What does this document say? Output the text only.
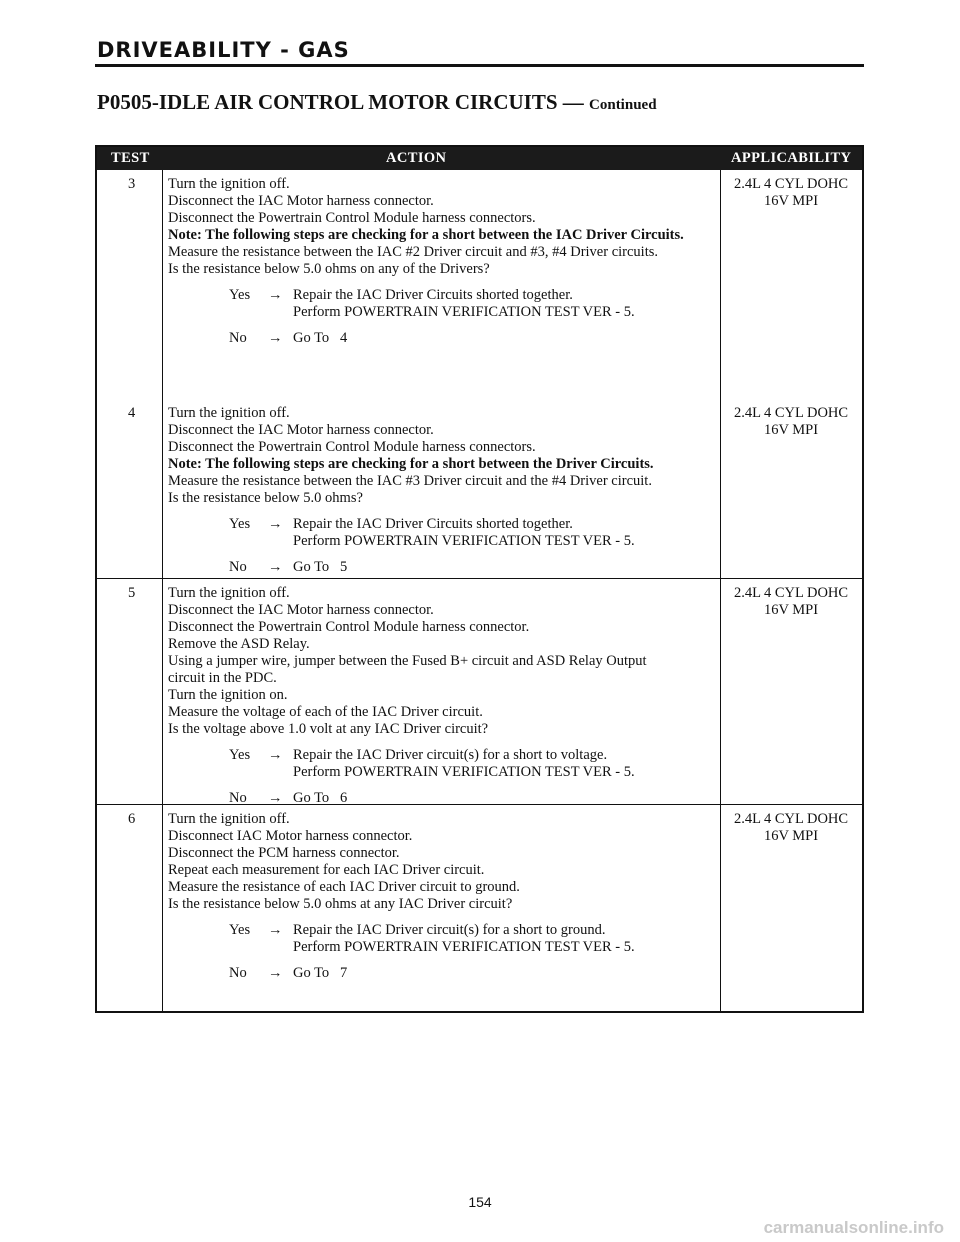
DRIVEABILITY - GAS
P0505-IDLE AIR CONTROL MOTOR CIRCUITS — Continued
TEST	ACTION	APPLICABILITY
3 Turn the ignition off.
Disconnect the IAC Motor harness connector.
Disconnect the Powertrain Control Module harness connectors.
Note: The following steps are checking for a short between the IAC Driver Circuits.
Measure the resistance between the IAC #2 Driver circuit and #3, #4 Driver circuits.
Is the resistance below 5.0 ohms on any of the Drivers?
Yes → Repair the IAC Driver Circuits shorted together.
Perform POWERTRAIN VERIFICATION TEST VER - 5.
No → Go To   4
2.4L 4 CYL DOHC
16V MPI
4 Turn the ignition off.
Disconnect the IAC Motor harness connector.
Disconnect the Powertrain Control Module harness connectors.
Note: The following steps are checking for a short between the Driver Circuits.
Measure the resistance between the IAC #3 Driver circuit and the #4 Driver circuit.
Is the resistance below 5.0 ohms?
Yes → Repair the IAC Driver Circuits shorted together.
Perform POWERTRAIN VERIFICATION TEST VER - 5.
No → Go To   5
2.4L 4 CYL DOHC
16V MPI
5 Turn the ignition off.
Disconnect the IAC Motor harness connector.
Disconnect the Powertrain Control Module harness connector.
Remove the ASD Relay.
Using a jumper wire, jumper between the Fused B+ circuit and ASD Relay Output
circuit in the PDC.
Turn the ignition on.
Measure the voltage of each of the IAC Driver circuit.
Is the voltage above 1.0 volt at any IAC Driver circuit?
Yes → Repair the IAC Driver circuit(s) for a short to voltage.
Perform POWERTRAIN VERIFICATION TEST VER - 5.
No → Go To   6
2.4L 4 CYL DOHC
16V MPI
6 Turn the ignition off.
Disconnect IAC Motor harness connector.
Disconnect the PCM harness connector.
Repeat each measurement for each IAC Driver circuit.
Measure the resistance of each IAC Driver circuit to ground.
Is the resistance below 5.0 ohms at any IAC Driver circuit?
Yes → Repair the IAC Driver circuit(s) for a short to ground.
Perform POWERTRAIN VERIFICATION TEST VER - 5.
No → Go To   7
2.4L 4 CYL DOHC
16V MPI
154
carmanualsonline.info
